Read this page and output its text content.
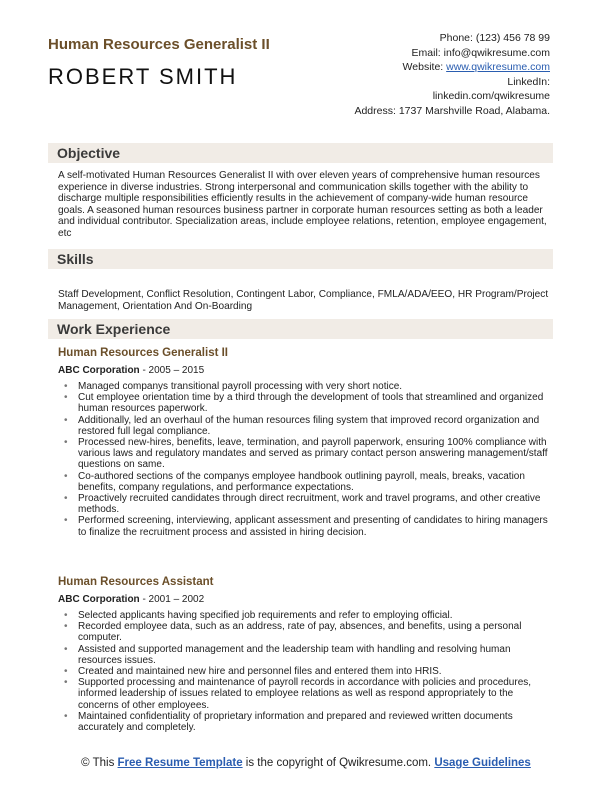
Human Resources Generalist II
ROBERT SMITH
Phone: (123) 456 78 99
Email: info@qwikresume.com
Website: www.qwikresume.com
LinkedIn:
linkedin.com/qwikresume
Address: 1737 Marshville Road, Alabama.
Objective

A self-motivated Human Resources Generalist II with over eleven years of comprehensive human resources experience in diverse industries. Strong interpersonal and communication skills together with the ability to discharge multiple responsibilities efficiently results in the achievement of company-wide human resource goals. A seasoned human resources business partner in corporate human resources setting as both a leader and individual contributor. Specialization areas, include employee relations, retention, employee engagement, etc

Skills

Staff Development, Conflict Resolution, Contingent Labor, Compliance, FMLA/ADA/EEO, HR Program/Project Management, Orientation And On-Boarding

Work Experience
Human Resources Generalist II

ABC Corporation - 2005 – 2015

• Managed companys transitional payroll processing with very short notice.
• Cut employee orientation time by a third through the development of tools that streamlined and organized human resources paperwork.
• Additionally, led an overhaul of the human resources filing system that improved record organization and restored full legal compliance.
• Processed new-hires, benefits, leave, termination, and payroll paperwork, ensuring 100% compliance with various laws and regulatory mandates and served as primary contact person answering management/staff questions on same.
• Co-authored sections of the companys employee handbook outlining payroll, meals, breaks, vacation benefits, company regulations, and performance expectations.
• Proactively recruited candidates through direct recruitment, work and travel programs, and other creative methods.
• Performed screening, interviewing, applicant assessment and presenting of candidates to hiring managers to finalize the recruitment process and assisted in hiring decision.
Human Resources Assistant

ABC Corporation - 2001 – 2002

• Selected applicants having specified job requirements and refer to employing official.
• Recorded employee data, such as an address, rate of pay, absences, and benefits, using a personal computer.
• Assisted and supported management and the leadership team with handling and resolving human resources issues.
• Created and maintained new hire and personnel files and entered them into HRIS.
• Supported processing and maintenance of payroll records in accordance with policies and procedures, informed leadership of issues related to employee relations as well as respond appropriately to the concerns of other employees.
• Maintained confidentiality of proprietary information and prepared and reviewed written documents accurately and completely.
© This Free Resume Template is the copyright of Qwikresume.com. Usage Guidelines
